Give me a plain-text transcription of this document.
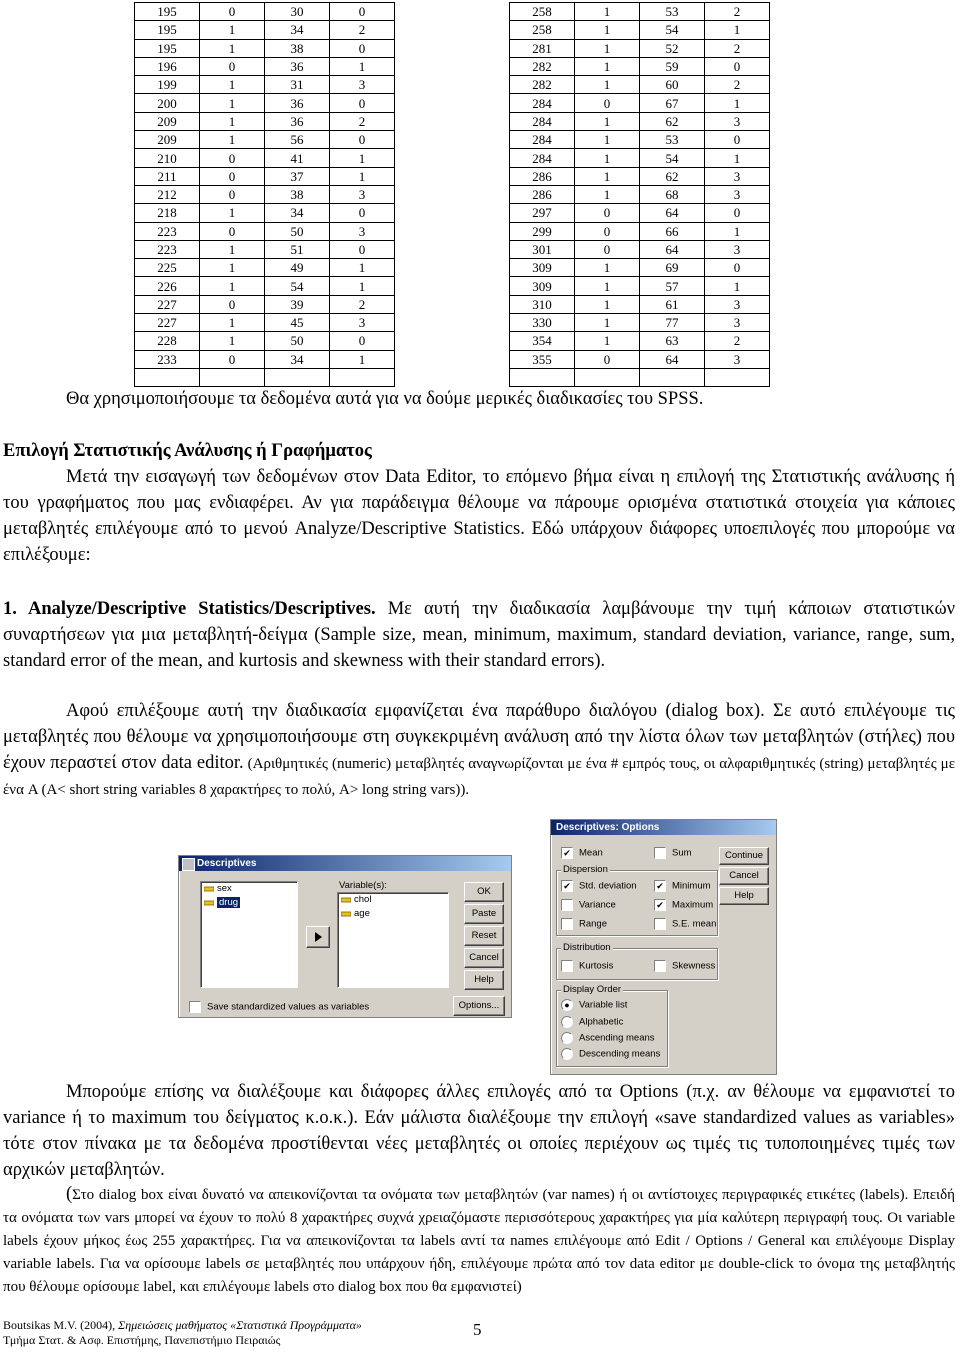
195	0	30	0
195	1	34	2
195	1	38	0
196	0	36	1
199	1	31	3
200	1	36	0
209	1	36	2
209	1	56	0
210	0	41	1
211	0	37	1
212	0	38	3
218	1	34	0
223	0	50	3
223	1	51	0
225	1	49	1
226	1	54	1
227	0	39	2
227	1	45	3
228	1	50	0
233	0	34	1

258	1	53	2
258	1	54	1
281	1	52	2
282	1	59	0
282	1	60	2
284	0	67	1
284	1	62	3
284	1	53	0
284	1	54	1
286	1	62	3
286	1	68	3
297	0	64	0
299	0	66	1
301	0	64	3
309	1	69	0
309	1	57	1
310	1	61	3
330	1	77	3
354	1	63	2
355	0	64	3

Θα χρησιμοποιήσουμε τα δεδομένα αυτά για να δούμε μερικές διαδικασίες του SPSS.
Επιλογή Στατιστικής Ανάλυσης ή Γραφήματος
Μετά την εισαγωγή των δεδομένων στον Data Editor, το επόμενο βήμα είναι η επιλογή της Στατιστικής ανάλυσης ή του γραφήματος που μας ενδιαφέρει. Αν για παράδειγμα θέλουμε να πάρουμε ορισμένα στατιστικά στοιχεία για κάποιες μεταβλητές επιλέγουμε από το μενού Analyze/Descriptive Statistics. Εδώ υπάρχουν διάφορες υποεπιλογές που μπορούμε να επιλέξουμε:
1. Analyze/Descriptive Statistics/Descriptives. Με αυτή την διαδικασία λαμβάνουμε την τιμή κάποιων στατιστικών συναρτήσεων για μια μεταβλητή-δείγμα (Sample size, mean, minimum, maximum, standard deviation, variance, range, sum, standard error of the mean, and kurtosis and skewness with their standard errors).
Αφού επιλέξουμε αυτή την διαδικασία εμφανίζεται ένα παράθυρο διαλόγου (dialog box). Σε αυτό επιλέγουμε τις μεταβλητές που θέλουμε να χρησιμοποιήσουμε στη συγκεκριμένη ανάλυση από την λίστα όλων των μεταβλητών (στήλες) που έχουν περαστεί στον data editor. (Αριθμητικές (numeric) μεταβλητές αναγνωρίζονται με ένα # εμπρός τους, οι αλφαριθμητικές (string) μεταβλητές με ένα A (A< short string variables 8 χαρακτήρες το πολύ, A> long string vars)).
Descriptives
sex
drug
Variable(s):
chol
age
OK
Paste
Reset
Cancel
Help
Save standardized values as variables	Options...
Descriptives: Options
✔ Mean	Sum
Dispersion
✔ Std. deviation ✔ Minimum
Variance	✔ Maximum
Range	S.E. mean
Distribution
Kurtosis	Skewness
Display Order
● Variable list
Alphabetic
Ascending means
Descending means
Continue
Cancel
Help
Μπορούμε επίσης να διαλέξουμε και διάφορες άλλες επιλογές από τα Options (π.χ. αν θέλουμε να εμφανιστεί το variance ή το maximum του δείγματος κ.ο.κ.). Εάν μάλιστα διαλέξουμε την επιλογή «save standardized values as variables» τότε στον πίνακα με τα δεδομένα προστίθενται νέες μεταβλητές οι οποίες περιέχουν ως τιμές τις τυποποιημένες τιμές των αρχικών μεταβλητών.
(Στο dialog box είναι δυνατό να απεικονίζονται τα ονόματα των μεταβλητών (var names) ή οι αντίστοιχες περιγραφικές ετικέτες (labels). Επειδή τα ονόματα των vars μπορεί να έχουν το πολύ 8 χαρακτήρες συχνά χρειαζόμαστε περισσότερους χαρακτήρες για μία καλύτερη περιγραφή τους. Οι variable labels έχουν μήκος έως 255 χαρακτήρες. Για να απεικονίζονται τα labels αντί τα names επιλέγουμε από Edit / Options / General και επιλέγουμε Display variable labels. Για να ορίσουμε labels σε μεταβλητές που υπάρχουν ήδη, επιλέγουμε πρώτα από τον data editor με double-click το όνομα της μεταβλητής που θέλουμε ορίσουμε label, και επιλέγουμε labels στο dialog box που θα εμφανιστεί)
Boutsikas M.V. (2004), Σημειώσεις μαθήματος «Στατιστικά Προγράμματα»
Τμήμα Στατ. & Ασφ. Επιστήμης, Πανεπιστήμιο Πειραιώς
5
